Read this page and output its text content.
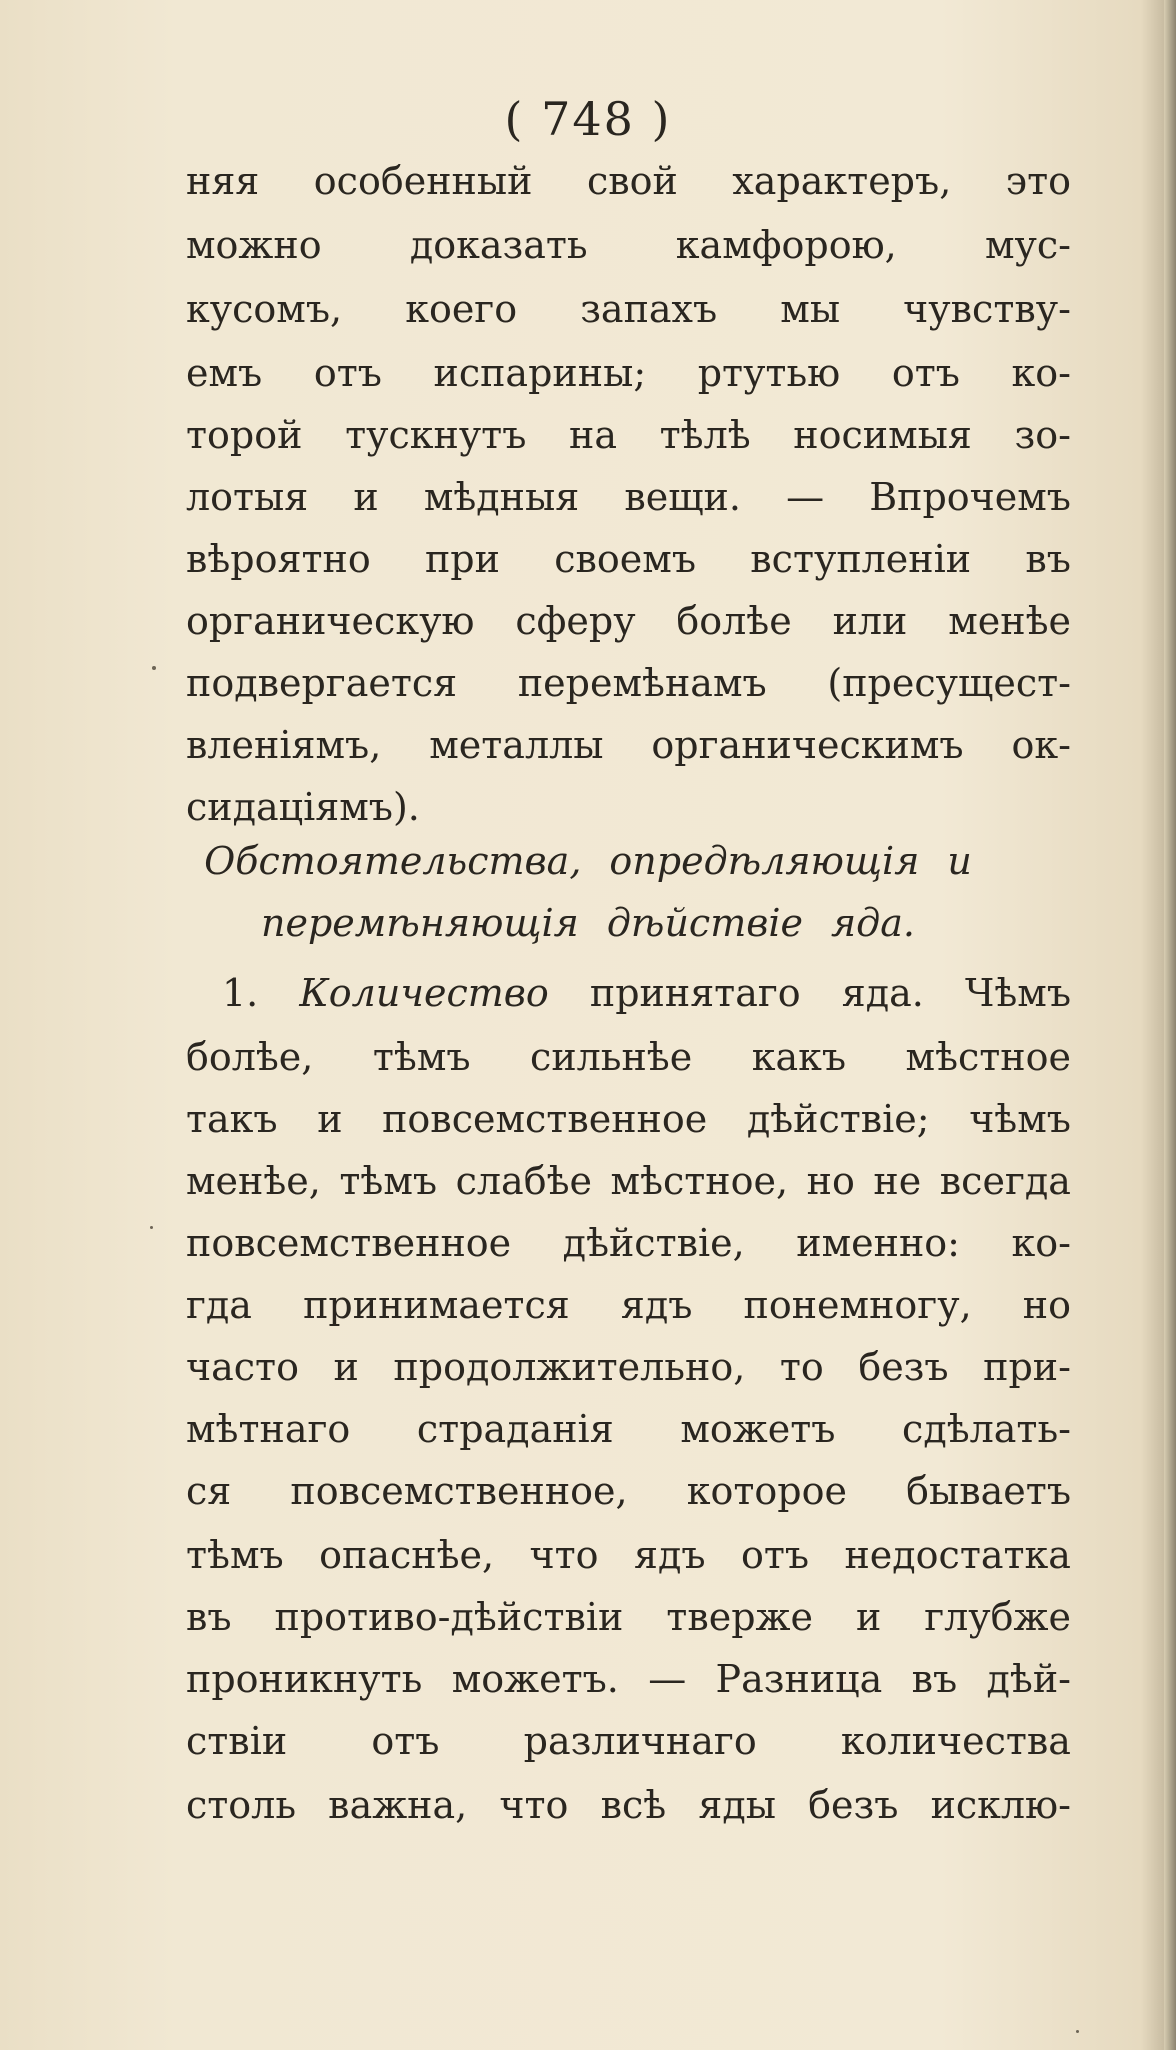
( 748 )
няя особенный свой характеръ, это
можно доказать камфорою, мус-
кусомъ, коего запахъ мы чувству-
емъ отъ испарины; ртутью отъ ко-
торой тускнутъ на тѣлѣ носимыя зо-
лотыя и мѣдныя вещи. — Впрочемъ
вѣроятно при своемъ вступленіи въ
органическую сферу болѣе или менѣе
подвергается перемѣнамъ (пресущест-
вленіямъ, металлы органическимъ ок-
сидаціямъ).
Обстоятельства, опредѣляющія и
перемѣняющія дѣйствіе яда.
1. Количество принятаго яда. Чѣмъ
болѣе, тѣмъ сильнѣе какъ мѣстное
такъ и повсемственное дѣйствіе; чѣмъ
менѣе, тѣмъ слабѣе мѣстное, но не всегда
повсемственное дѣйствіе, именно: ко-
гда принимается ядъ понемногу, но
часто и продолжительно, то безъ при-
мѣтнаго страданія можетъ сдѣлать-
ся повсемственное, которое бываетъ
тѣмъ опаснѣе, что ядъ отъ недостатка
въ противо-дѣйствіи тверже и глубже
проникнуть можетъ. — Разница въ дѣй-
ствіи отъ различнаго количества
столь важна, что всѣ яды безъ исклю-
